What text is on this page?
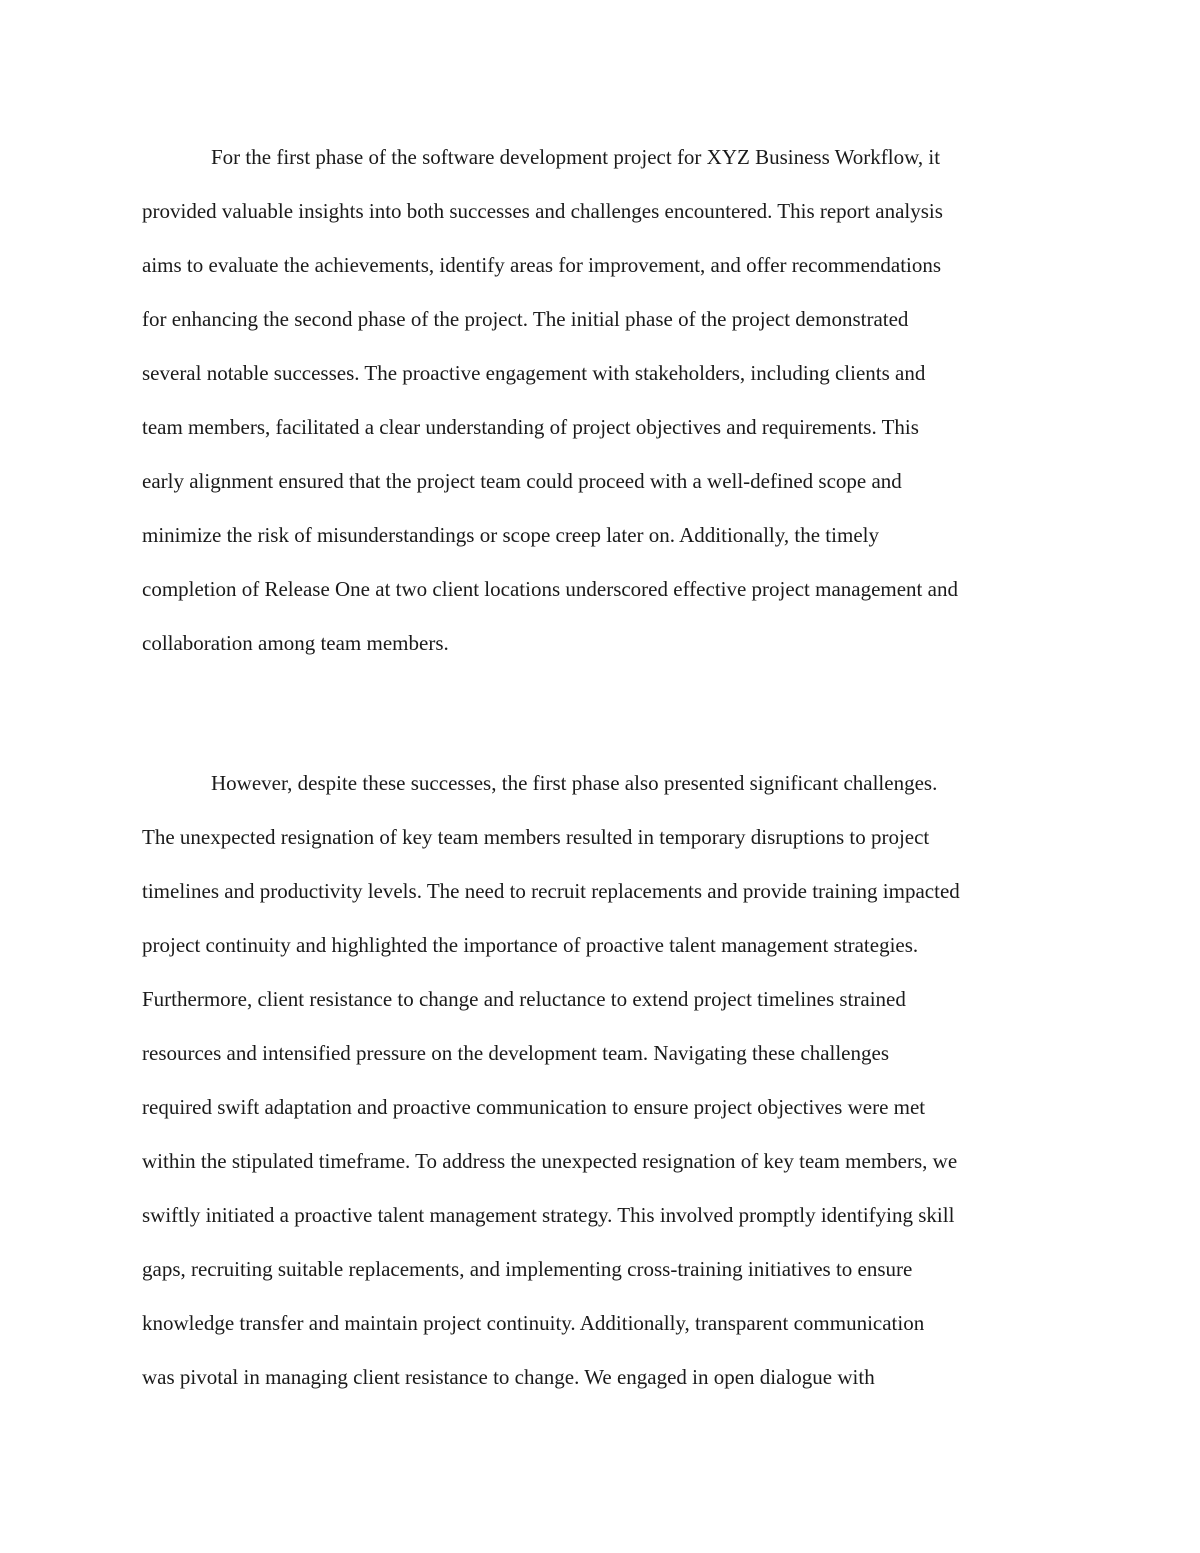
For the first phase of the software development project for XYZ Business Workflow, it
provided valuable insights into both successes and challenges encountered. This report analysis
aims to evaluate the achievements, identify areas for improvement, and offer recommendations
for enhancing the second phase of the project. The initial phase of the project demonstrated
several notable successes. The proactive engagement with stakeholders, including clients and
team members, facilitated a clear understanding of project objectives and requirements. This
early alignment ensured that the project team could proceed with a well-defined scope and
minimize the risk of misunderstandings or scope creep later on. Additionally, the timely
completion of Release One at two client locations underscored effective project management and
collaboration among team members.
However, despite these successes, the first phase also presented significant challenges.
The unexpected resignation of key team members resulted in temporary disruptions to project
timelines and productivity levels. The need to recruit replacements and provide training impacted
project continuity and highlighted the importance of proactive talent management strategies.
Furthermore, client resistance to change and reluctance to extend project timelines strained
resources and intensified pressure on the development team. Navigating these challenges
required swift adaptation and proactive communication to ensure project objectives were met
within the stipulated timeframe. To address the unexpected resignation of key team members, we
swiftly initiated a proactive talent management strategy. This involved promptly identifying skill
gaps, recruiting suitable replacements, and implementing cross-training initiatives to ensure
knowledge transfer and maintain project continuity. Additionally, transparent communication
was pivotal in managing client resistance to change. We engaged in open dialogue with
